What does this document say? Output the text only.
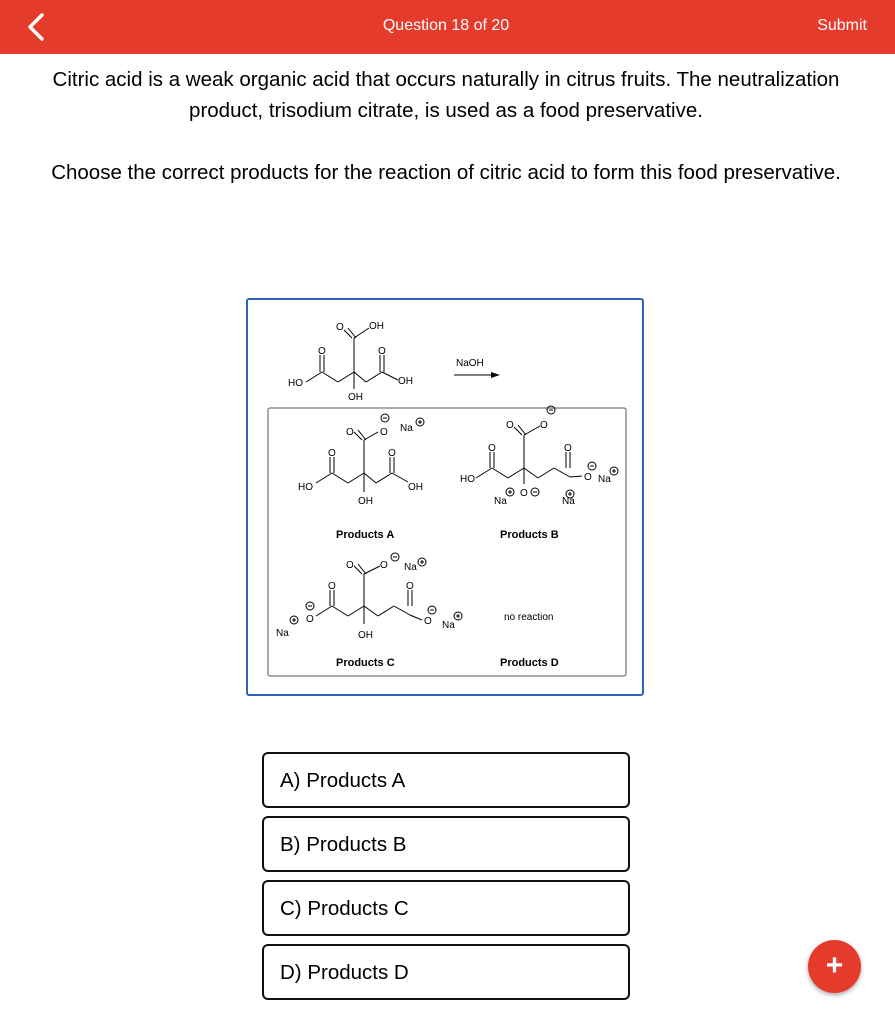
Question 18 of 20	Submit
Citric acid is a weak organic acid that occurs naturally in citrus fruits. The neutralization product, trisodium citrate, is used as a food preservative.
Choose the correct products for the reaction of citric acid to form this food preservative.
HO
O	O
OH
OH
O	OH
NaOH
HO
O	O
OH
OH
O	O Na
Products A
HO
O	O
O	O
O
Na
O Na
Na
Products B
O
Na
O	O
O	O Na
O Na
OH
Products C
no reaction
Products D
A) Products A
B) Products B
C) Products C
D) Products D	+
